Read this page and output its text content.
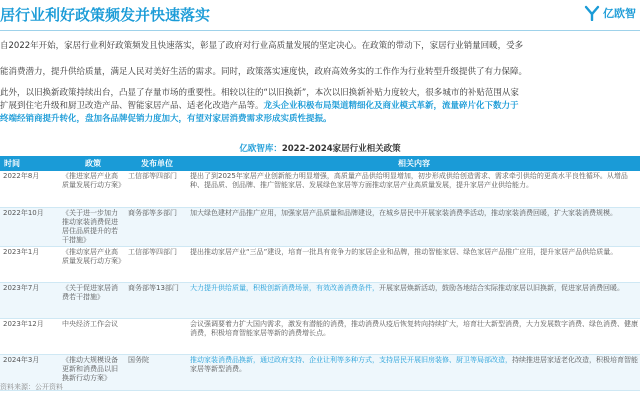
居行业利好政策频发并快速落实	亿欧智

自2022年开始，家居行业利好政策频发且快速落实，彰显了政府对行业高质量发展的坚定决心。在政策的带动下，家居行业销量回暖，受多

能消费潜力，提升供给质量，满足人民对美好生活的需求。同时，政策落实速度快，政府高效务实的工作作为行业转型升级提供了有力保障。

此外，以旧换新政策持续出台，凸显了存量市场的重要性。相较以往的“以旧换新”，本次以旧换新补贴力度较大，很多城市的补贴范围从家

扩展到住宅升级和厨卫改造产品、智能家居产品、适老化改造产品等。龙头企业积极布局渠道精细化及商业模式革新，流量碎片化下数力于

终端经销商提升转化，盘加各品牌促销力度加大，有望对家居消费需求形成实质性提振。

亿欧智库：2022-2024家居行业相关政策
时间	政策	发布单位	相关内容
2022年8月	《推进家居产业高质量发展行动方案》	工信部等四部门	提出了到2025年家居产业创新能力明显增强，高质量产品供给明显增加，初步形成供给创造需求、需求牵引供给的更高水平良性循环。从增品种、提品质、创品牌、推广智能家居、发展绿色家居等方面推动家居产业高质量发展，提升家居产业供给能力。
2022年10月	《关于进一步加力推动家装消费促进居住品质提升的若干措施》	商务部等多部门	加大绿色建材产品推广应用，加强家居产品质量和品牌建设，在城乡居民中开展家装消费季活动，推动家装消费回暖，扩大家装消费规模。
2023年1月	《推动家居产业高质量发展行动方案》	工信部等四部门	提出推动家居产业“三品”建设，培育一批具有竞争力的家居企业和品牌，推动智能家居、绿色家居产品推广应用，提升家居产品供给质量。
2023年7月	《关于促进家居消费若干措施》	商务部等13部门	大力提升供给质量，积极创新消费场景，有效改善消费条件，开展家居焕新活动，鼓励各地结合实际推动家居以旧换新，促进家居消费回暖。
2023年12月	中央经济工作会议		会议强调要着力扩大国内需求，激发有潜能的消费，推动消费从疫后恢复转向持续扩大，培育壮大新型消费，大力发展数字消费、绿色消费、健康消费，积极培育智能家居等新的消费增长点。
2024年3月	《推动大规模设备更新和消费品以旧换新行动方案》	国务院	推动家装消费品换新，通过政府支持、企业让利等多种方式，支持居民开展旧房装修、厨卫等局部改造，持续推进居家适老化改造，积极培育智能家居等新型消费。
资料来源：公开资料
